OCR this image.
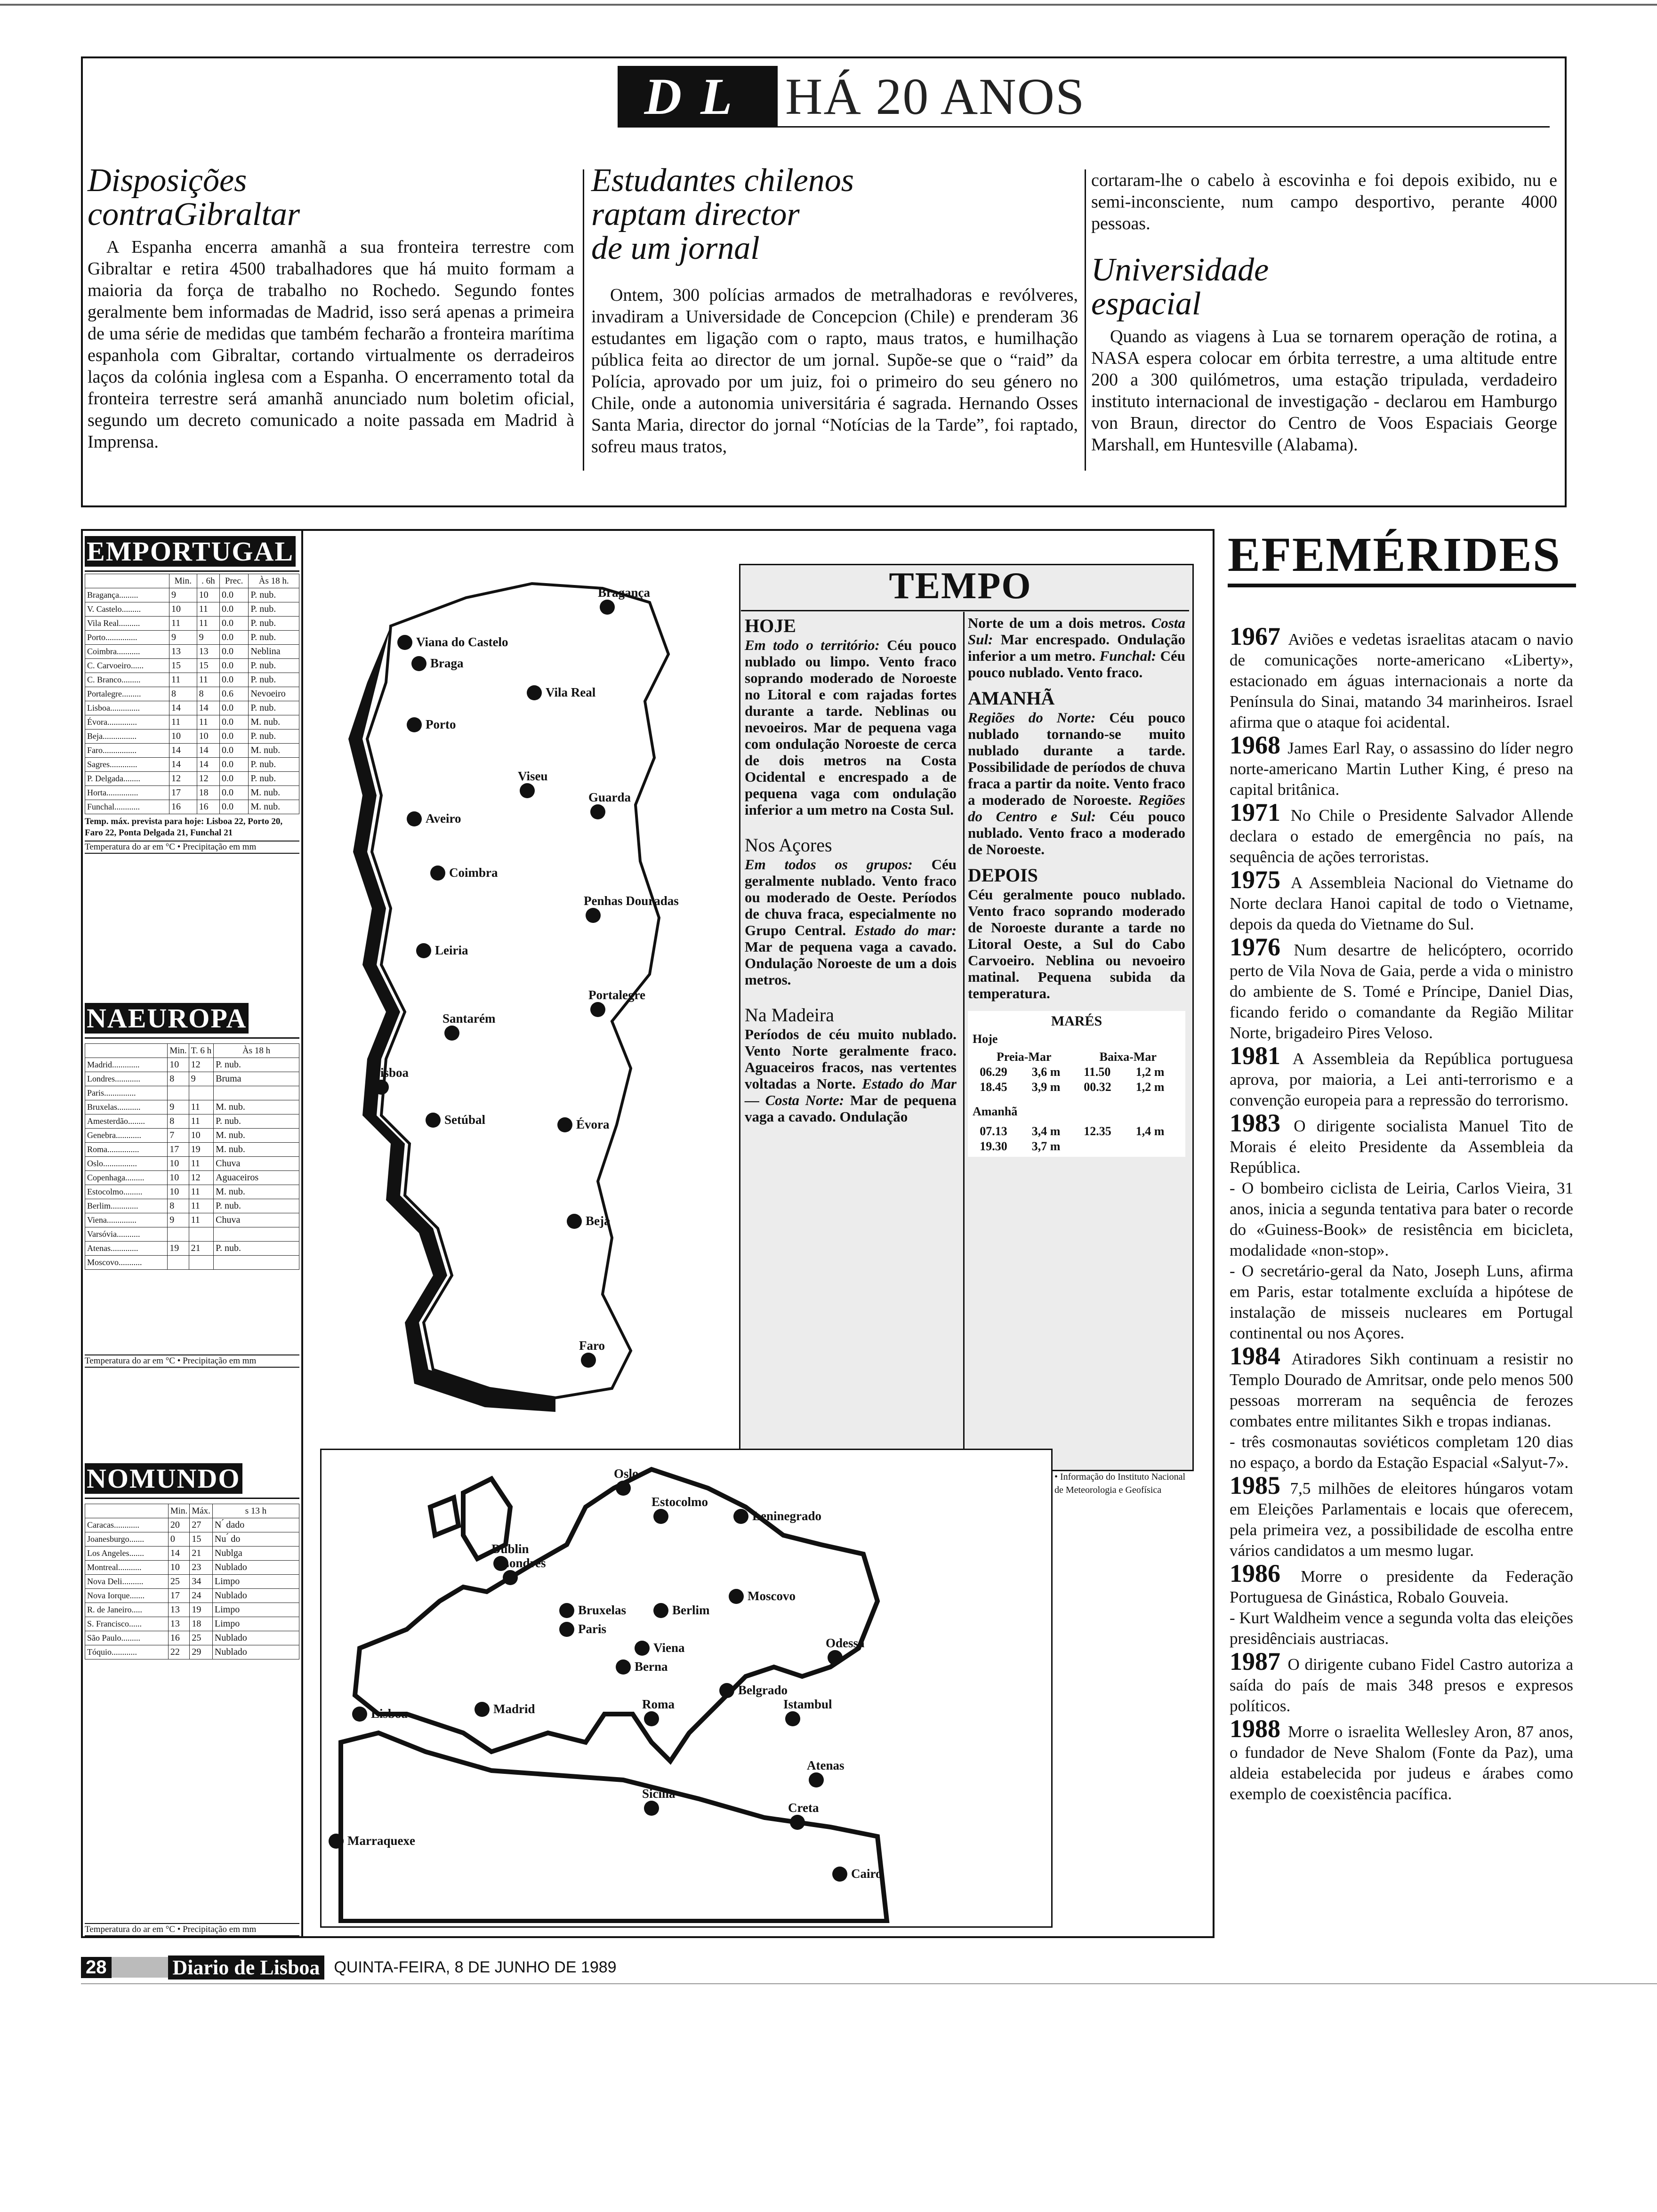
DL HÁ 20 ANOS
Disposições
contraGibraltar

A Espanha encerra amanhã a sua fronteira terrestre com Gibraltar e retira 4500 trabalhadores que há muito formam a maioria da força de trabalho no Rochedo. Segundo fontes geralmente bem informadas de Madrid, isso será apenas a primeira de uma série de medidas que também fecharão a fronteira marítima espanhola com Gibraltar, cortando virtualmente os derradeiros laços da colónia inglesa com a Espanha. O encerramento total da fronteira terrestre será amanhã anunciado num boletim oficial, segundo um decreto comunicado a noite passada em Madrid à Imprensa.

Estudantes chilenos
raptam director
de um jornal

Ontem, 300 polícias armados de metralhadoras e revólveres, invadiram a Universidade de Concepcion (Chile) e prenderam 36 estudantes em ligação com o rapto, maus tratos, e humilhação pública feita ao director de um jornal. Supõe-se que o “raid” da Polícia, aprovado por um juiz, foi o primeiro do seu género no Chile, onde a autonomia universitária é sagrada. Hernando Osses Santa Maria, director do jornal “Notícias de la Tarde”, foi raptado, sofreu maus tratos,

cortaram-lhe o cabelo à escovinha e foi depois exibido, nu e semi-inconsciente, num campo desportivo, perante 4000 pessoas.

Universidade
espacial

Quando as viagens à Lua se tornarem operação de rotina, a NASA espera colocar em órbita terrestre, a uma altitude entre 200 a 300 quilómetros, uma estação tripulada, verdadeiro instituto internacional de investigação - declarou em Hamburgo von Braun, director do Centro de Voos Espaciais George Marshall, em Huntesville (Alabama).

EMPORTUGAL
	Min.	. 6h	Prec.	Às 18 h.
Bragança.........	9	10	0.0	P. nub.
V. Castelo.........	10	11	0.0	P. nub.
Vila Real..........	11	11	0.0	P. nub.
Porto...............	9	9	0.0	P. nub.
Coimbra...........	13	13	0.0	Neblina
C. Carvoeiro......	15	15	0.0	P. nub.
C. Branco.........	11	11	0.0	P. nub.
Portalegre.........	8	8	0.6	Nevoeiro
Lisboa..............	14	14	0.0	P. nub.
Évora..............	11	11	0.0	M. nub.
Beja................	10	10	0.0	P. nub.
Faro................	14	14	0.0	M. nub.
Sagres.............	14	14	0.0	P. nub.
P. Delgada........	12	12	0.0	P. nub.
Horta...............	17	18	0.0	M. nub.
Funchal............	16	16	0.0	M. nub.
Temp. máx. prevista para hoje: Lisboa 22, Porto 20, Faro 22, Ponta Delgada 21, Funchal 21
Temperatura do ar em °C • Precipitação em mm
NAEUROPA
	Min.	T. 6 h	Às 18 h
Madrid.............	10	12	P. nub.
Londres............	8	9	Bruma
Paris...............			
Bruxelas...........	9	11	M. nub.
Amesterdão........	8	11	P. nub.
Genebra............	7	10	M. nub.
Roma...............	17	19	M. nub.
Oslo................	10	11	Chuva
Copenhaga.........	10	12	Aguaceiros
Estocolmo.........	10	11	M. nub.
Berlim.............	8	11	P. nub.
Viena..............	9	11	Chuva
Varsóvia...........			
Atenas.............	19	21	P. nub.
Moscovo...........			
Temperatura do ar em °C • Precipitação em mm
NOMUNDO
	Min.	Máx.	s 13 h
Caracas............	20	27	N ́ dado
Joanesburgo.......	0	15	Nu ́ do
Los Angeles.......	14	21	Nublga
Montreal...........	10	23	Nublado
Nova Deli..........	25	34	Limpo
Nova Iorque.......	17	24	Nublado
R. de Janeiro.....	13	19	Limpo
S. Francisco......	13	18	Limpo
São Paulo.........	16	25	Nublado
Tóquio............	22	29	Nublado
Temperatura do ar em °C • Precipitação em mm
Bragança
Viana do Castelo
Braga
Vila Real
Porto
Viseu
Aveiro
Guarda
Coimbra
Penhas Douradas
Leiria
Portalegre
Santarém
Lisboa
Setúbal	Évora
Beja
Faro
TEMPO
HOJE
Em todo o território: Céu pouco nublado ou limpo. Vento fraco soprando moderado de Noroeste no Litoral e com rajadas fortes durante a tarde. Neblinas ou nevoeiros. Mar de pequena vaga com ondulação Noroeste de cerca de dois metros na Costa Ocidental e encrespado a de pequena vaga com ondulação inferior a um metro na Costa Sul.
Nos Açores
Em todos os grupos: Céu geralmente nublado. Vento fraco ou moderado de Oeste. Períodos de chuva fraca, especialmente no Grupo Central. Estado do mar: Mar de pequena vaga a cavado. Ondulação Noroeste de um a dois metros.
Na Madeira
Períodos de céu muito nublado. Vento Norte geralmente fraco. Aguaceiros fracos, nas vertentes voltadas a Norte. Estado do Mar — Costa Norte: Mar de pequena vaga a cavado. Ondulação
Norte de um a dois metros. Costa Sul: Mar encrespado. Ondulação inferior a um metro. Funchal: Céu pouco nublado. Vento fraco.
AMANHÃ
Regiões do Norte: Céu pouco nublado tornando-se muito nublado durante a tarde. Possibilidade de períodos de chuva fraca a partir da noite. Vento fraco a moderado de Noroeste. Regiões do Centro e Sul: Céu pouco nublado. Vento fraco a moderado de Noroeste.
DEPOIS
Céu geralmente pouco nublado. Vento fraco soprando moderado de Noroeste durante a tarde no Litoral Oeste, a Sul do Cabo Carvoeiro. Neblina ou nevoeiro matinal. Pequena subida da temperatura.
MARÉS
Hoje
Preia-Mar	Baixa-Mar
06.29	3,6 m	11.50	1,2 m
18.45	3,9 m	00.32	1,2 m
Amanhã
07.13	3,4 m	12.35	1,4 m
19.30	3,7 m
• Informação do Instituto Nacional de Meteorologia e Geofísica
Oslo
Estocolmo
Leninegrado
Dublin
Londres
Moscovo
Bruxelas	Berlim
Paris
Viena	Odessa
Berna
Belgrado
Lisboa	Madrid	Istambul
Roma
Atenas
Sicília
Creta
Marraquexe
Cairo
EFEMÉRIDES
1967 Aviões e vedetas israelitas atacam o navio de comunicações norte-americano «Liberty», estacionado em águas internacionais a norte da Península do Sinai, matando 34 marinheiros. Israel afirma que o ataque foi acidental.
1968 James Earl Ray, o assassino do líder negro norte-americano Martin Luther King, é preso na capital britânica.
1971 No Chile o Presidente Salvador Allende declara o estado de emergência no país, na sequência de ações terroristas.
1975 A Assembleia Nacional do Vietname do Norte declara Hanoi capital de todo o Vietname, depois da queda do Vietname do Sul.
1976 Num desartre de helicóptero, ocorrido perto de Vila Nova de Gaia, perde a vida o ministro do ambiente de S. Tomé e Príncipe, Daniel Dias, ficando ferido o comandante da Região Militar Norte, brigadeiro Pires Veloso.
1981 A Assembleia da República portuguesa aprova, por maioria, a Lei anti-terrorismo e a convenção europeia para a repressão do terrorismo.
1983 O dirigente socialista Manuel Tito de Morais é eleito Presidente da Assembleia da República.
- O bombeiro ciclista de Leiria, Carlos Vieira, 31 anos, inicia a segunda tentativa para bater o recorde do «Guiness-Book» de resistência em bicicleta, modalidade «non-stop».
- O secretário-geral da Nato, Joseph Luns, afirma em Paris, estar totalmente excluída a hipótese de instalação de misseis nucleares em Portugal continental ou nos Açores.
1984 Atiradores Sikh continuam a resistir no Templo Dourado de Amritsar, onde pelo menos 500 pessoas morreram na sequência de ferozes combates entre militantes Sikh e tropas indianas.
- três cosmonautas soviéticos completam 120 dias no espaço, a bordo da Estação Espacial «Salyut-7».
1985 7,5 milhões de eleitores húngaros votam em Eleições Parlamentais e locais que oferecem, pela primeira vez, a possibilidade de escolha entre vários candidatos a um mesmo lugar.
1986 Morre o presidente da Federação Portuguesa de Ginástica, Robalo Gouveia.
- Kurt Waldheim vence a segunda volta das eleições presidênciais austriacas.
1987 O dirigente cubano Fidel Castro autoriza a saída do país de mais 348 presos e expresos políticos.
1988 Morre o israelita Wellesley Aron, 87 anos, o fundador de Neve Shalom (Fonte da Paz), uma aldeia estabelecida por judeus e árabes como exemplo de coexistência pacífica.
28	Diario de Lisboa QUINTA-FEIRA, 8 DE JUNHO DE 1989
